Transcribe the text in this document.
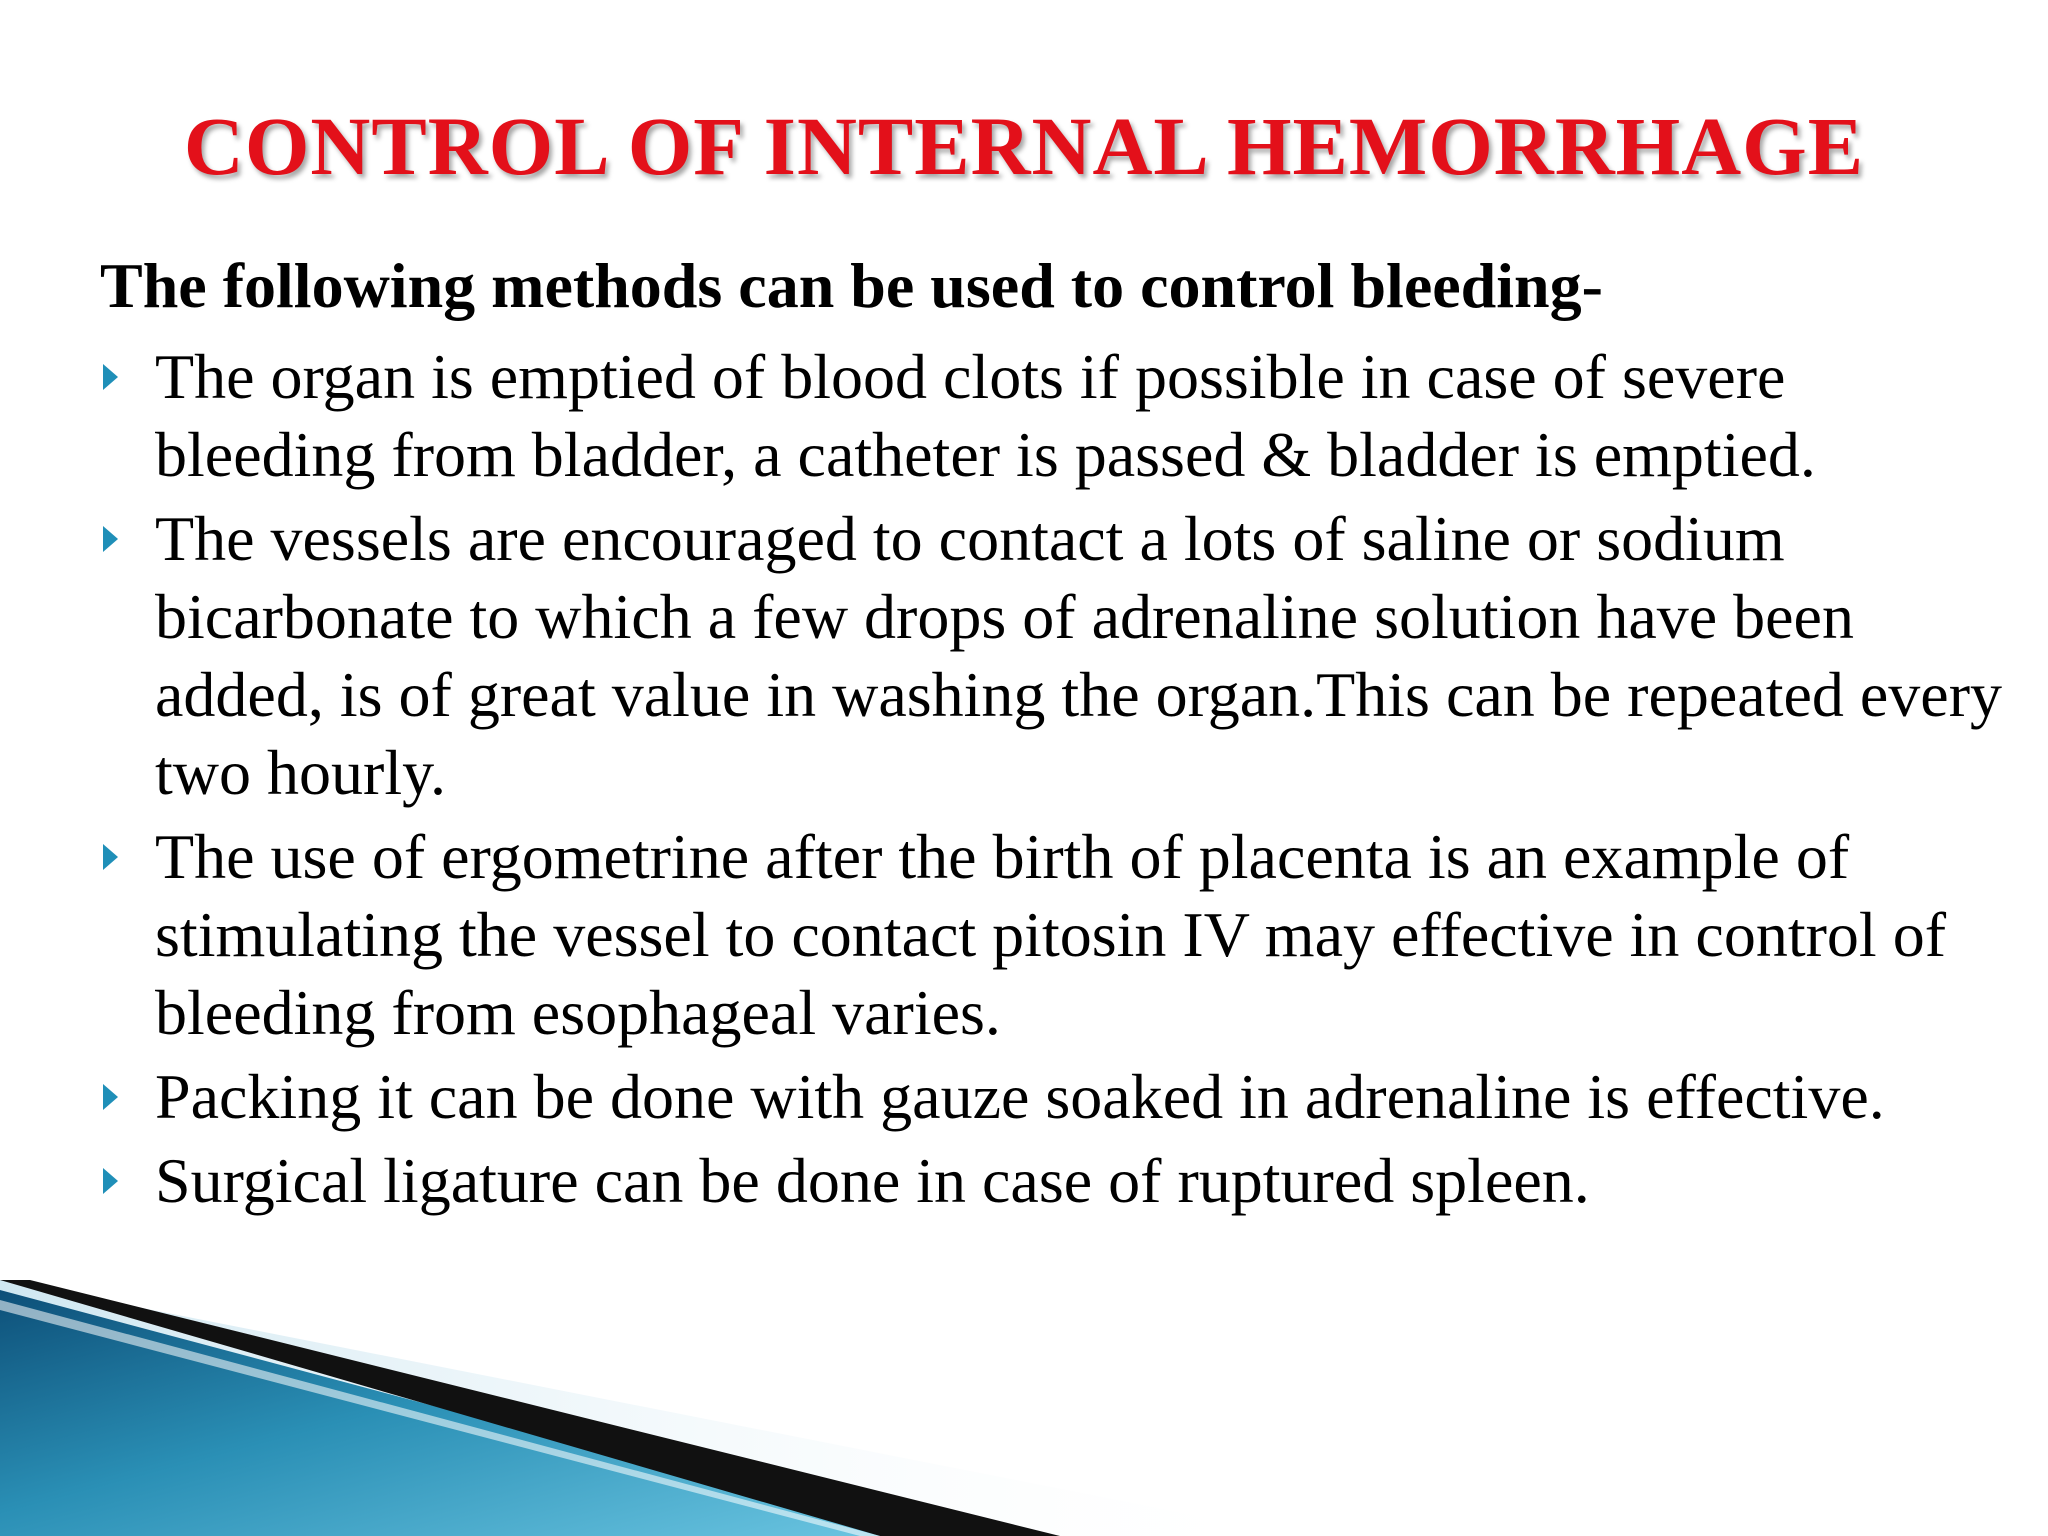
CONTROL OF INTERNAL HEMORRHAGE
The following methods can be used to control bleeding-
The organ is emptied of blood clots if possible in case of severe bleeding from bladder, a catheter is passed & bladder is emptied.
The vessels are encouraged to contact a lots of saline or sodium bicarbonate to which a few drops of adrenaline solution have been added, is of great value in washing the organ.This can be repeated every two hourly.
The use of ergometrine after the birth of placenta is an example of stimulating the vessel to contact pitosin IV may effective in control of bleeding from esophageal varies.
Packing it can be done with gauze soaked in adrenaline is effective.
Surgical ligature can be done in case of ruptured spleen.
